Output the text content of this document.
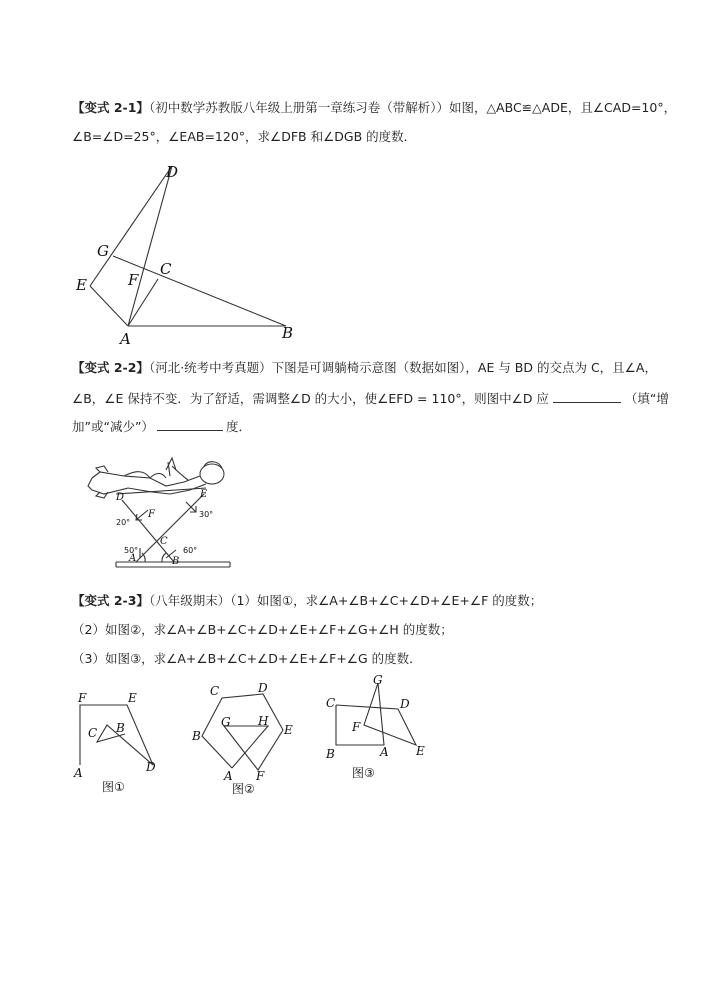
【变式 2-1】（初中数学苏教版八年级上册第一章练习卷（带解析））如图，△ABC≌△ADE，且∠CAD=10°，
∠B=∠D=25°，∠EAB=120°，求∠DFB 和∠DGB 的度数．
D
G
C
E	F
A	B
【变式 2-2】（河北·统考中考真题）下图是可调躺椅示意图（数据如图），AE 与 BD 的交点为 C，且∠A，
∠B，∠E 保持不变．为了舒适，需调整∠D 的大小，使∠EFD = 110°，则图中∠D 应	（填“增
加”或“减少”）	度．
D	E
F
C
A	B
20°
30°
50°	60°
【变式 2-3】（八年级期末）（1）如图①，求∠A+∠B+∠C+∠D+∠E+∠F 的度数；
（2）如图②，求∠A+∠B+∠C+∠D+∠E+∠F+∠G+∠H 的度数；
（3）如图③，求∠A+∠B+∠C+∠D+∠E+∠F+∠G 的度数．
F	E
C B
A	D
图①
C	D
G H
B	E
A F
图②
G
C	D
F
B	A E
图③
